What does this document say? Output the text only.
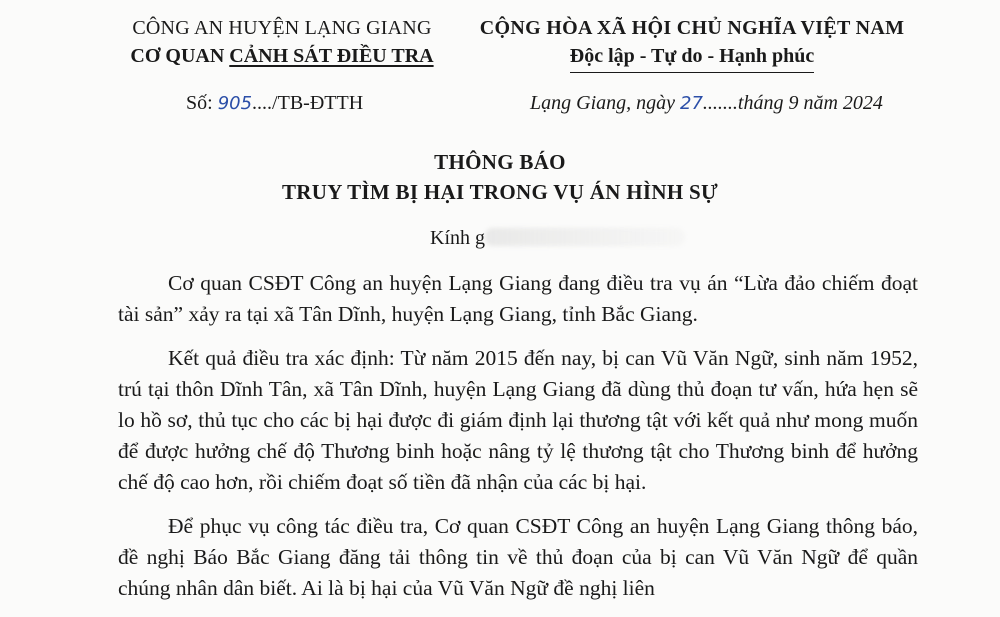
CÔNG AN HUYỆN LẠNG GIANG
CƠ QUAN CẢNH SÁT ĐIỀU TRA
CỘNG HÒA XÃ HỘI CHỦ NGHĨA VIỆT NAM
Độc lập - Tự do - Hạnh phúc
Số: 905..../TB-ĐTTH	Lạng Giang, ngày 27.......tháng 9 năm 2024
THÔNG BÁO
TRUY TÌM BỊ HẠI TRONG VỤ ÁN HÌNH SỰ
Kính g

Cơ quan CSĐT Công an huyện Lạng Giang đang điều tra vụ án “Lừa đảo chiếm đoạt tài sản” xảy ra tại xã Tân Dĩnh, huyện Lạng Giang, tỉnh Bắc Giang.

Kết quả điều tra xác định: Từ năm 2015 đến nay, bị can Vũ Văn Ngữ, sinh năm 1952, trú tại thôn Dĩnh Tân, xã Tân Dĩnh, huyện Lạng Giang đã dùng thủ đoạn tư vấn, hứa hẹn sẽ lo hồ sơ, thủ tục cho các bị hại được đi giám định lại thương tật với kết quả như mong muốn để được hưởng chế độ Thương binh hoặc nâng tỷ lệ thương tật cho Thương binh để hưởng chế độ cao hơn, rồi chiếm đoạt số tiền đã nhận của các bị hại.

Để phục vụ công tác điều tra, Cơ quan CSĐT Công an huyện Lạng Giang thông báo, đề nghị Báo Bắc Giang đăng tải thông tin về thủ đoạn của bị can Vũ Văn Ngữ để quần chúng nhân dân biết. Ai là bị hại của Vũ Văn Ngữ đề nghị liên
